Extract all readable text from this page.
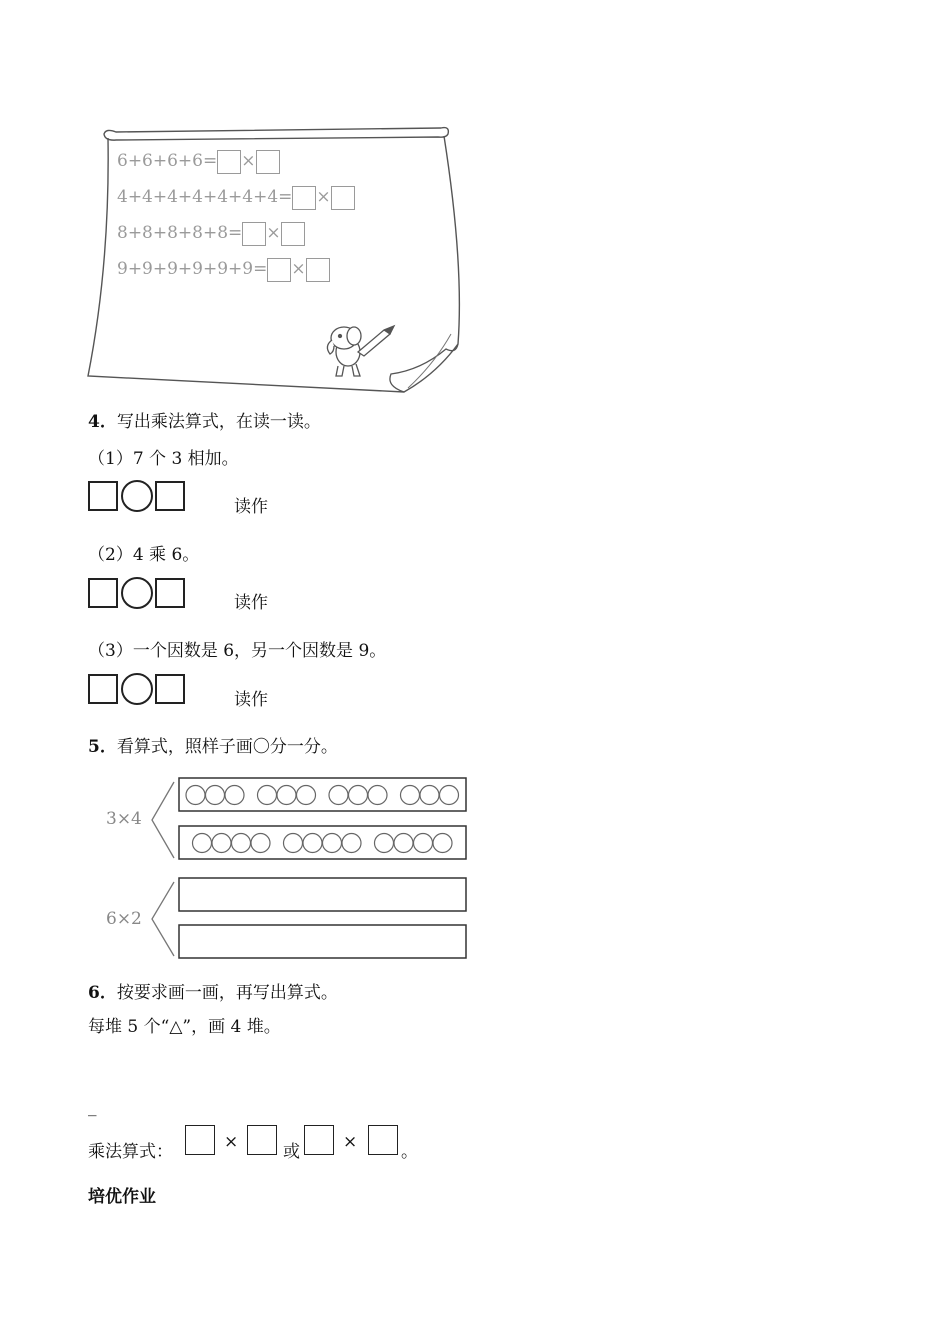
6+6+6+6= ×
4+4+4+4+4+4+4= ×
8+8+8+8+8= ×
9+9+9+9+9+9= ×
4．写出乘法算式，在读一读。
（1）7 个 3 相加。
读作
（2）4 乘 6。
读作
（3）一个因数是 6，另一个因数是 9。
读作
5．看算式，照样子画〇分一分。
3×4
6×2
6．按要求画一画，再写出算式。
每堆 5 个“△”，画 4 堆。
_
乘法算式：	×	或	×	。
培优作业
